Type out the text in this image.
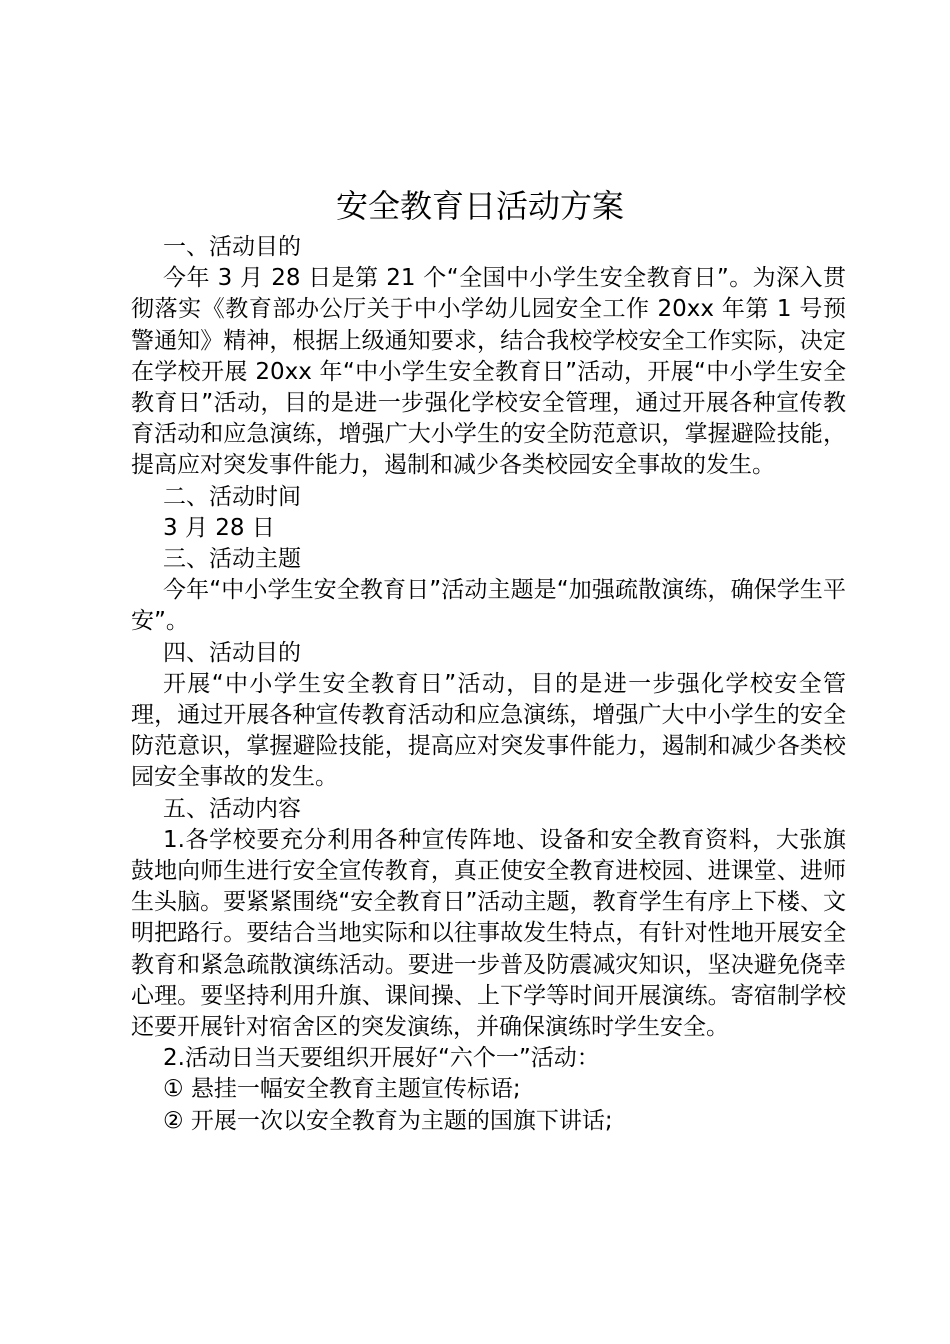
安全教育日活动方案

一、活动目的

今年 3 月 28 日是第 21 个“全国中小学生安全教育日”。为深入贯彻落实《教育部办公厅关于中小学幼儿园安全工作 20xx 年第 1 号预警通知》精神，根据上级通知要求，结合我校学校安全工作实际，决定在学校开展 20xx 年“中小学生安全教育日”活动，开展“中小学生安全教育日”活动，目的是进一步强化学校安全管理，通过开展各种宣传教育活动和应急演练，增强广大小学生的安全防范意识，掌握避险技能，提高应对突发事件能力，遏制和减少各类校园安全事故的发生。

二、活动时间

3 月 28 日

三、活动主题

今年“中小学生安全教育日”活动主题是“加强疏散演练，确保学生平安”。

四、活动目的

开展“中小学生安全教育日”活动，目的是进一步强化学校安全管理，通过开展各种宣传教育活动和应急演练，增强广大中小学生的安全防范意识，掌握避险技能，提高应对突发事件能力，遏制和减少各类校园安全事故的发生。

五、活动内容

1.各学校要充分利用各种宣传阵地、设备和安全教育资料，大张旗鼓地向师生进行安全宣传教育，真正使安全教育进校园、进课堂、进师生头脑。要紧紧围绕“安全教育日”活动主题，教育学生有序上下楼、文明把路行。要结合当地实际和以往事故发生特点，有针对性地开展安全教育和紧急疏散演练活动。要进一步普及防震减灾知识，坚决避免侥幸心理。要坚持利用升旗、课间操、上下学等时间开展演练。寄宿制学校还要开展针对宿舍区的突发演练，并确保演练时学生安全。

2.活动日当天要组织开展好“六个一”活动：

① 悬挂一幅安全教育主题宣传标语;

② 开展一次以安全教育为主题的国旗下讲话;
